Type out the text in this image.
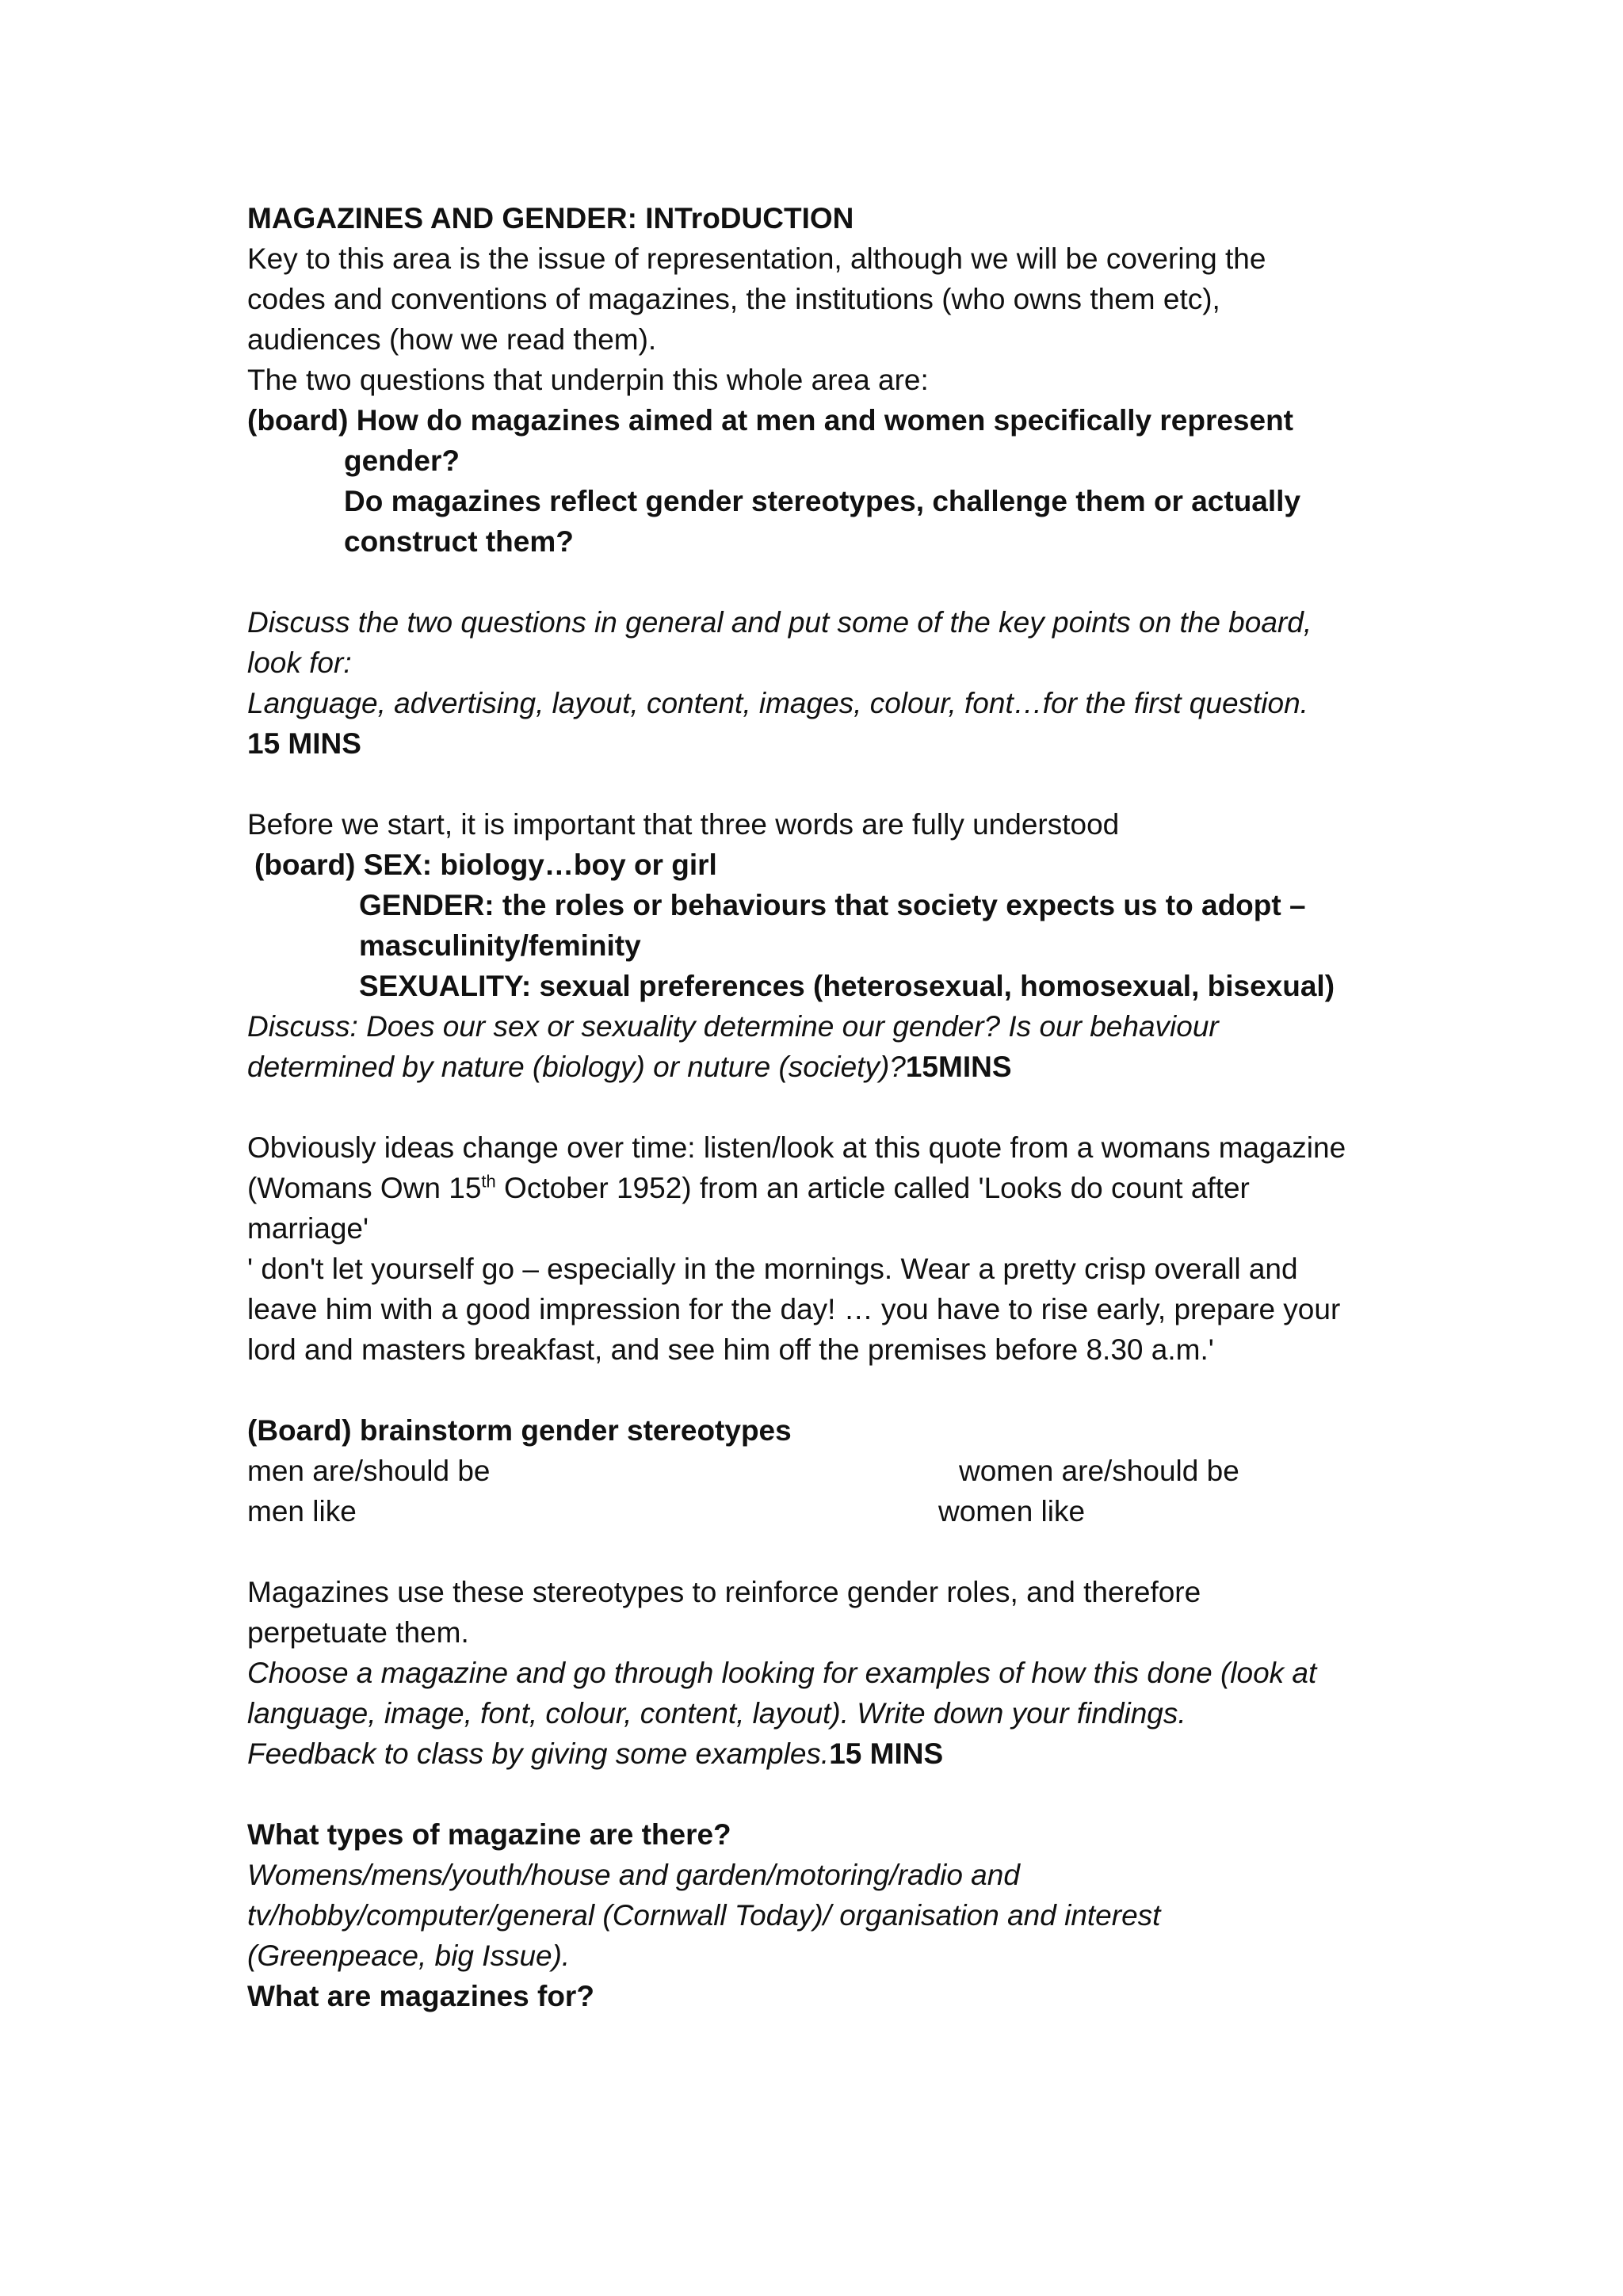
MAGAZINES AND GENDER: INTroDUCTION

Key to this area is the issue of representation, although we will be covering the

codes and conventions of magazines, the institutions (who owns them etc),

audiences (how we read them).

The two questions that underpin this whole area are:

(board) How do magazines aimed at men and women specifically represent

gender?

Do magazines reflect gender stereotypes, challenge them or actually

construct them?

Discuss the two questions in general and put some of the key points on the board,

look for:

Language, advertising, layout, content, images, colour, font…for the first question.

15 MINS

Before we start, it is important that three words are fully understood

(board) SEX: biology…boy or girl

GENDER: the roles or behaviours that society expects us to adopt –

masculinity/feminity

SEXUALITY: sexual preferences (heterosexual, homosexual, bisexual)

Discuss: Does our sex or sexuality determine our gender? Is our behaviour

determined by nature (biology) or nuture (society)?15MINS

Obviously ideas change over time: listen/look at this quote from a womans magazine

(Womans Own 15th October 1952) from an article called 'Looks do count after

marriage'

' don't let yourself go – especially in the mornings. Wear a pretty crisp overall and

leave him with a good impression for the day! … you have to rise early, prepare your

lord and masters breakfast, and see him off the premises before 8.30 a.m.'

(Board) brainstorm gender stereotypes

men are/should be	women are/should be
men like	women like

Magazines use these stereotypes to reinforce gender roles, and therefore

perpetuate them.

Choose a magazine and go through looking for examples of how this done (look at

language, image, font, colour, content, layout). Write down your findings.

Feedback to class by giving some examples.15 MINS

What types of magazine are there?

Womens/mens/youth/house and garden/motoring/radio and

tv/hobby/computer/general (Cornwall Today)/ organisation and interest

(Greenpeace, big Issue).

What are magazines for?
